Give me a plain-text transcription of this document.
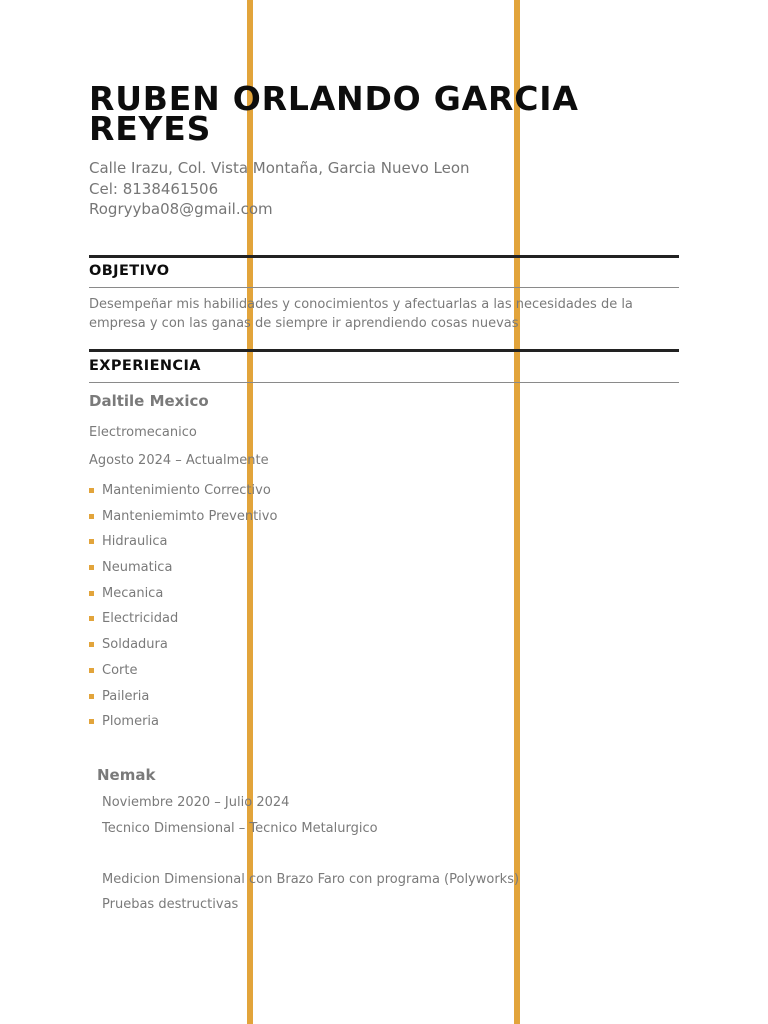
RUBEN ORLANDO GARCIA REYES
Calle Irazu, Col. Vista Montaña, Garcia Nuevo Leon
Cel: 8138461506
Rogryyba08@gmail.com
OBJETIVO
Desempeñar mis habilidades y conocimientos y afectuarlas a las necesidades de la empresa y con las ganas de siempre ir aprendiendo cosas nuevas
EXPERIENCIA
Daltile Mexico
Electromecanico
Agosto 2024 – Actualmente
Mantenimiento Correctivo
Manteniemimto Preventivo
Hidraulica
Neumatica
Mecanica
Electricidad
Soldadura
Corte
Paileria
Plomeria
Nemak
Noviembre 2020 – Julio 2024
Tecnico Dimensional – Tecnico Metalurgico
Medicion Dimensional con Brazo Faro con programa (Polyworks)
Pruebas destructivas
